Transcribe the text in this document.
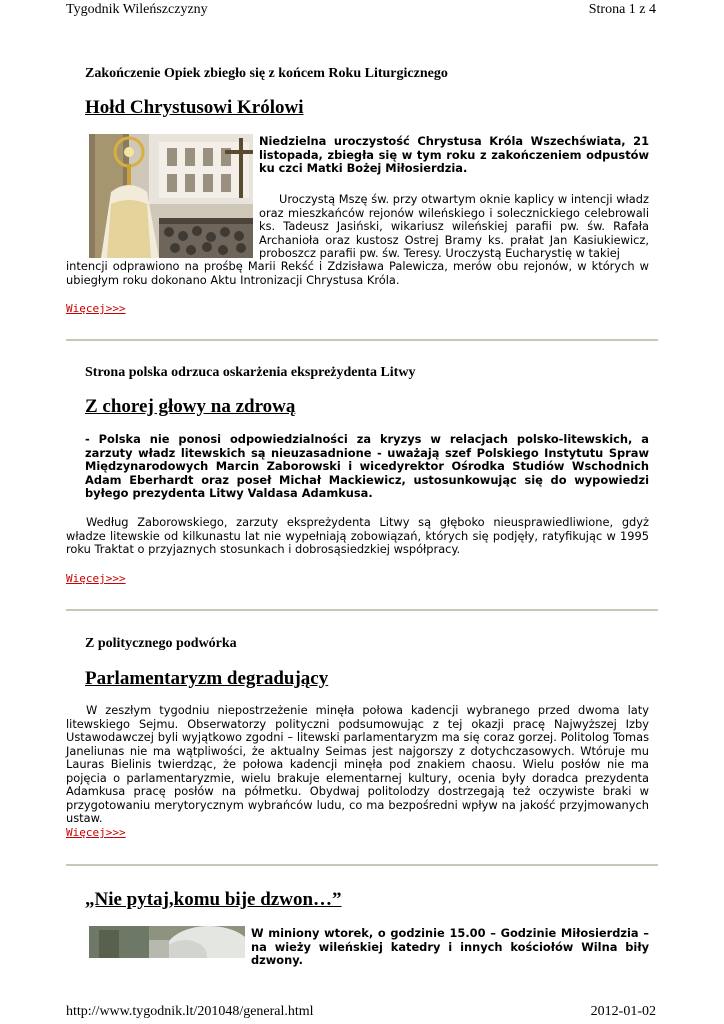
Tygodnik Wileńszczyzny	Strona 1 z 4
Zakończenie Opiek zbiegło się z końcem Roku Liturgicznego
Hołd Chrystusowi Królowi

Niedzielna uroczystość Chrystusa Króla Wszechświata, 21 listopada, zbiegła się w tym roku z zakończeniem odpustów ku czci Matki Bożej Miłosierdzia.

Uroczystą Mszę św. przy otwartym oknie kaplicy w intencji władz oraz mieszkańców rejonów wileńskiego i solecznickiego celebrowali ks. Tadeusz Jasiński, wikariusz wileńskiej parafii pw. św. Rafała Archanioła oraz kustosz Ostrej Bramy ks. prałat Jan Kasiukiewicz, proboszcz parafii pw. św. Teresy. Uroczystą Eucharystię w takiej

intencji odprawiono na prośbę Marii Rekść i Zdzisława Palewicza, merów obu rejonów, w których w ubiegłym roku dokonano Aktu Intronizacji Chrystusa Króla.

Więcej>>>
Strona polska odrzuca oskarżenia ekspreżydenta Litwy
Z chorej głowy na zdrową

- Polska nie ponosi odpowiedzialności za kryzys w relacjach polsko-litewskich, a zarzuty władz litewskich są nieuzasadnione - uważają szef Polskiego Instytutu Spraw Międzynarodowych Marcin Zaborowski i wicedyrektor Ośrodka Studiów Wschodnich Adam Eberhardt oraz poseł Michał Mackiewicz, ustosunkowując się do wypowiedzi byłego prezydenta Litwy Valdasa Adamkusa.

Według Zaborowskiego, zarzuty ekspreżydenta Litwy są głęboko nieusprawiedliwione, gdyż władze litewskie od kilkunastu lat nie wypełniają zobowiązań, których się podjęły, ratyfikując w 1995 roku Traktat o przyjaznych stosunkach i dobrosąsiedzkiej współpracy.

Więcej>>>
Z politycznego podwórka
Parlamentaryzm degradujący

W zeszłym tygodniu niepostrzeżenie minęła połowa kadencji wybranego przed dwoma laty litewskiego Sejmu. Obserwatorzy polityczni podsumowując z tej okazji pracę Najwyższej Izby Ustawodawczej byli wyjątkowo zgodni – litewski parlamentaryzm ma się coraz gorzej. Politolog Tomas Janeliunas nie ma wątpliwości, że aktualny Seimas jest najgorszy z dotychczasowych. Wtóruje mu Lauras Bielinis twierdząc, że połowa kadencji minęła pod znakiem chaosu. Wielu posłów nie ma pojęcia o parlamentaryzmie, wielu brakuje elementarnej kultury, ocenia były doradca prezydenta Adamkusa pracę posłów na półmetku. Obydwaj politolodzy dostrzegają też oczywiste braki w przygotowaniu merytorycznym wybrańców ludu, co ma bezpośredni wpływ na jakość przyjmowanych ustaw.

Więcej>>>
„Nie pytaj,komu bije dzwon…”

W miniony wtorek, o godzinie 15.00 – Godzinie Miłosierdzia – na wieży wileńskiej katedry i innych kościołów Wilna biły dzwony.

http://www.tygodnik.lt/201048/general.html	2012-01-02
